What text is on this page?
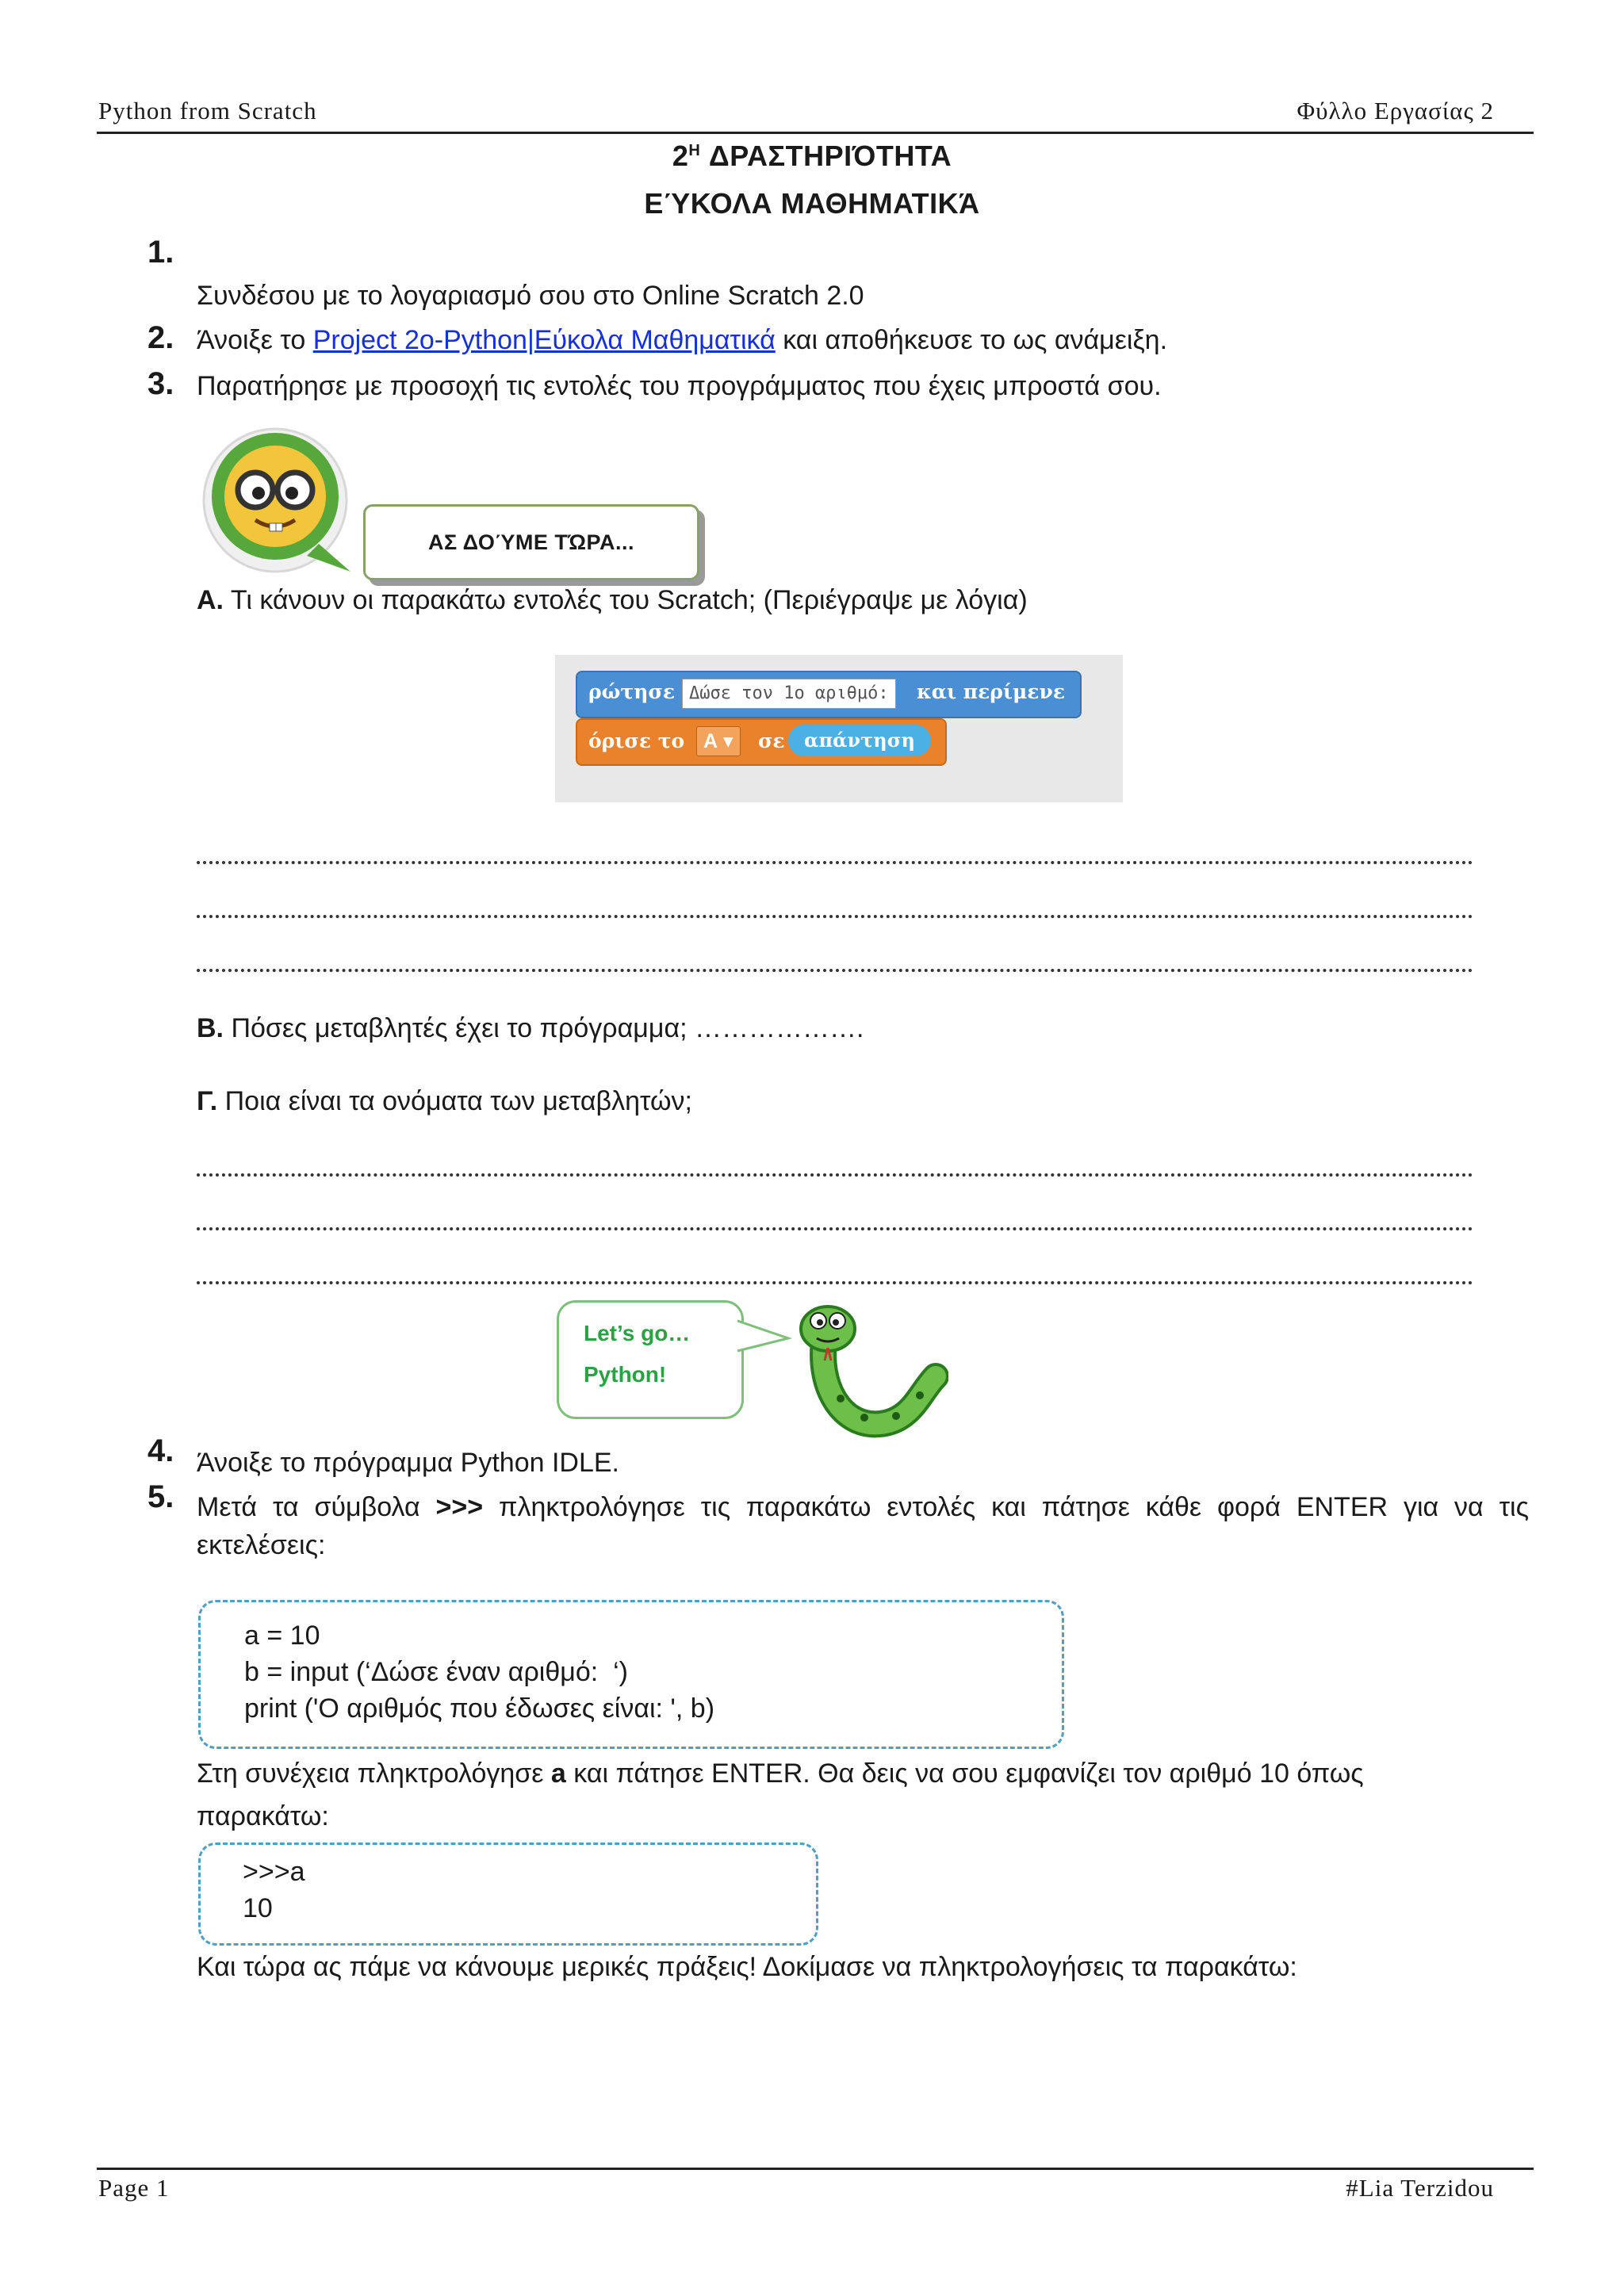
Python from Scratch	Φύλλο Εργασίας 2
$2^H$ ΔΡΑΣΤΗΡΙΌΤΗΤΑ
ΕΎΚΟΛΑ ΜΑΘΗΜΑΤΙΚΆ
1.
Συνδέσου με το λογαριασμό σου στο Online Scratch 2.0
2. Άνοιξε το Project 2o-Python|Εύκολα Μαθηματικά και αποθήκευσε το ως ανάμειξη.
3. Παρατήρησε με προσοχή τις εντολές του προγράμματος που έχεις μπροστά σου.
ΑΣ ΔΟΎΜΕ ΤΏΡΑ...
Α. Τι κάνουν οι παρακάτω εντολές του Scratch; (Περιέγραψε με λόγια)
ρώτησε Δώσε τον 1ο αριθμό:	και περίμενε
όρισε το Α ▾	σε	απάντηση
Β. Πόσες μεταβλητές έχει το πρόγραμμα; ……………….
Γ. Ποια είναι τα ονόματα των μεταβλητών;
Let’s go…
Python!
4. Άνοιξε το πρόγραμμα Python IDLE.
5. Μετά τα σύμβολα >>> πληκτρολόγησε τις παρακάτω εντολές και πάτησε κάθε φορά ENTER για να τις
εκτελέσεις:
a = 10
b = input (‘Δώσε έναν αριθμό:  ‘)
print ('Ο αριθμός που έδωσες είναι: ', b)
Στη συνέχεια πληκτρολόγησε a και πάτησε ENTER. Θα δεις να σου εμφανίζει τον αριθμό 10 όπως
παρακάτω:
>>>a
10
Και τώρα ας πάμε να κάνουμε μερικές πράξεις! Δοκίμασε να πληκτρολογήσεις τα παρακάτω:
Page 1	#Lia Terzidou
